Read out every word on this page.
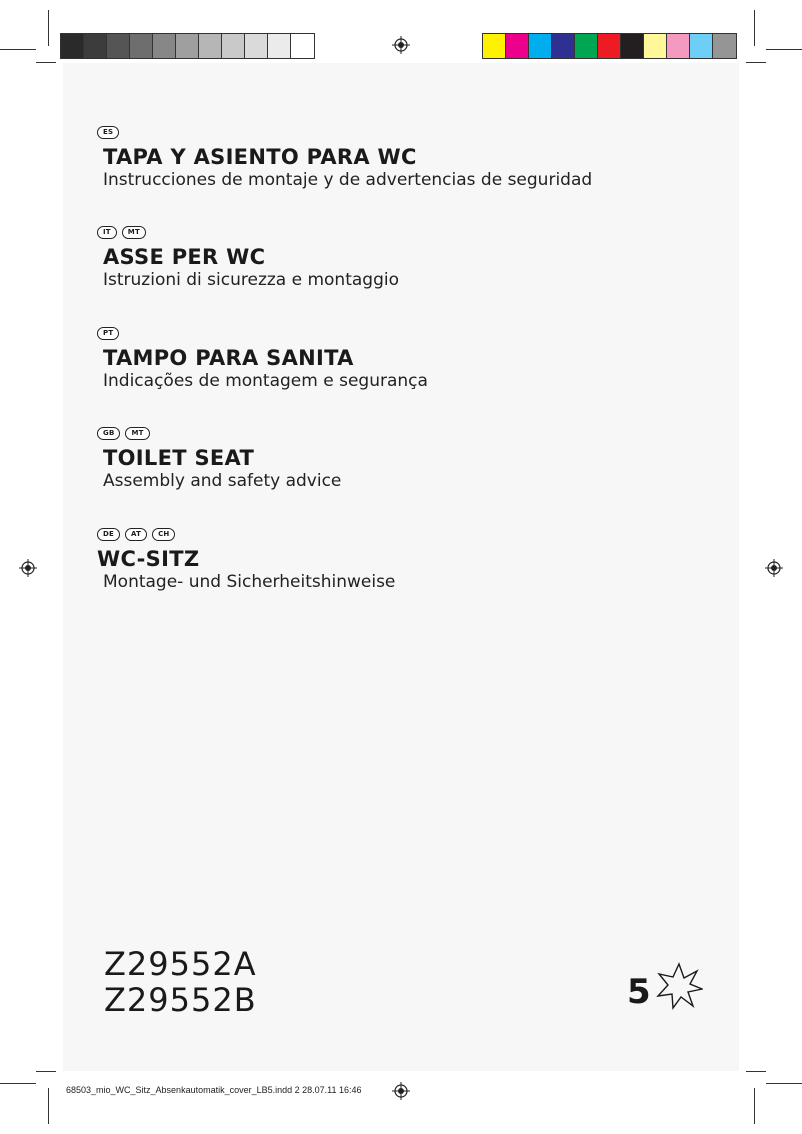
ES
TAPA Y ASIENTO PARA WC
Instrucciones de montaje y de advertencias de seguridad
IT	MT
ASSE PER WC
Istruzioni di sicurezza e montaggio
PT
TAMPO PARA SANITA
Indicações de montagem e segurança
GB	MT
TOILET SEAT
Assembly and safety advice
DE	AT	CH
WC-SITZ
Montage- und Sicherheitshinweise
Z29552A
Z29552B	5
68503_mio_WC_Sitz_Absenkautomatik_cover_LB5.indd 2 28.07.11 16:46
